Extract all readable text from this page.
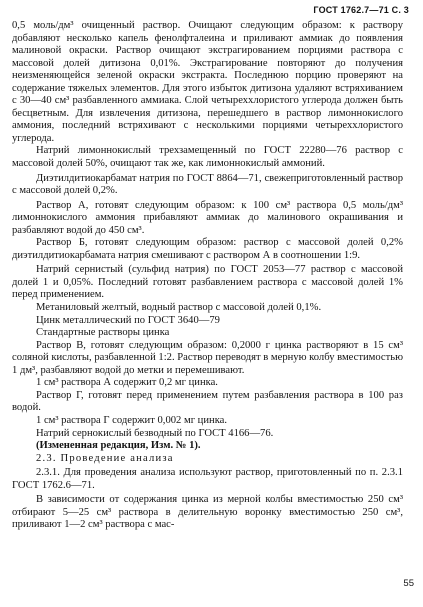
ГОСТ 1762.7—71 С. 3

0,5 моль/дм³ очищенный раствор. Очищают следующим образом: к раствору добавляют несколько капель фенолфталеина и приливают аммиак до появления малиновой окраски. Раствор очищают экстрагированием порциями раствора с массовой долей дитизона 0,01%. Экстрагирование повторяют до получения неизменяющейся зеленой окраски экстракта. Последнюю порцию проверяют на содержание тяжелых элементов. Для этого избыток дитизона удаляют встряхиванием с 30—40 см³ разбавленного аммиака. Слой четыреххлористого углерода должен быть бесцветным. Для извлечения дитизона, перешедшего в раствор лимоннокислого аммония, последний встряхивают с несколькими порциями четыреххлористого углерода.

Натрий лимоннокислый трехзамещенный по ГОСТ 22280—76 раствор с массовой долей 50%, очищают так же, как лимоннокислый аммоний.

Диэтилдитиокарбамат натрия по ГОСТ 8864—71, свежеприготовленный раствор с массовой долей 0,2%.

Раствор А, готовят следующим образом: к 100 см³ раствора 0,5 моль/дм³ лимоннокислого аммония прибавляют аммиак до малинового окрашивания и разбавляют водой до 450 см³.

Раствор Б, готовят следующим образом: раствор с массовой долей 0,2% диэтилдитиокарбамата натрия смешивают с раствором А в соотношении 1:9.

Натрий сернистый (сульфид натрия) по ГОСТ 2053—77 раствор с массовой долей 1 и 0,05%. Последний готовят разбавлением раствора с массовой долей 1% перед применением.

Метаниловый желтый, водный раствор с массовой долей 0,1%.

Цинк металлический по ГОСТ 3640—79

Стандартные растворы цинка

Раствор В, готовят следующим образом: 0,2000 г цинка растворяют в 15 см³ соляной кислоты, разбавленной 1:2. Раствор переводят в мерную колбу вместимостью 1 дм³, разбавляют водой до метки и перемешивают.

1 см³ раствора А содержит 0,2 мг цинка.

Раствор Г, готовят перед применением путем разбавления раствора в 100 раз водой.

1 см³ раствора Г содержит 0,002 мг цинка.

Натрий сернокислый безводный по ГОСТ 4166—76.

(Измененная редакция, Изм. № 1).

2.3. Проведение анализа

2.3.1. Для проведения анализа используют раствор, приготовленный по п. 2.3.1 ГОСТ 1762.6—71.

В зависимости от содержания цинка из мерной колбы вместимостью 250 см³ отбирают 5—25 см³ раствора в делительную воронку вместимостью 250 см³, приливают 1—2 см³ раствора с мас-

55
